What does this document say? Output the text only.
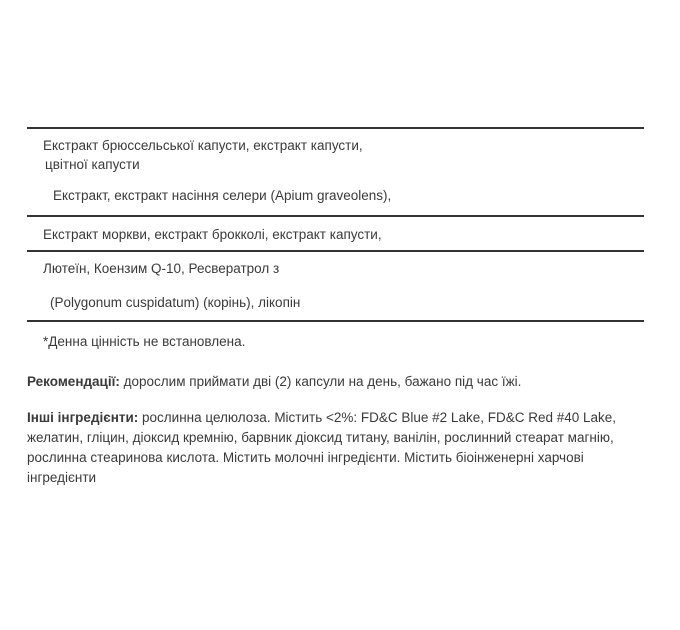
Екстракт брюссельської капусти, екстракт капусти,
цвітної капусти
Екстракт, екстракт насіння селери (Apium graveolens),
Екстракт моркви, екстракт брокколі, екстракт капусти,
Лютеїн, Коензим Q-10, Ресвератрол з
(Polygonum cuspidatum) (корінь), лікопін
*Денна цінність не встановлена.
Рекомендації: дорослим приймати дві (2) капсули на день, бажано під час їжі.
Інші інгредієнти: рослинна целюлоза. Містить <2%: FD&C Blue #2 Lake, FD&C Red #40 Lake, желатин, гліцин, діоксид кремнію, барвник діоксид титану, ванілін, рослинний стеарат магнію, рослинна стеаринова кислота. Містить молочні інгредієнти. Містить біоінженерні харчові інгредієнти
